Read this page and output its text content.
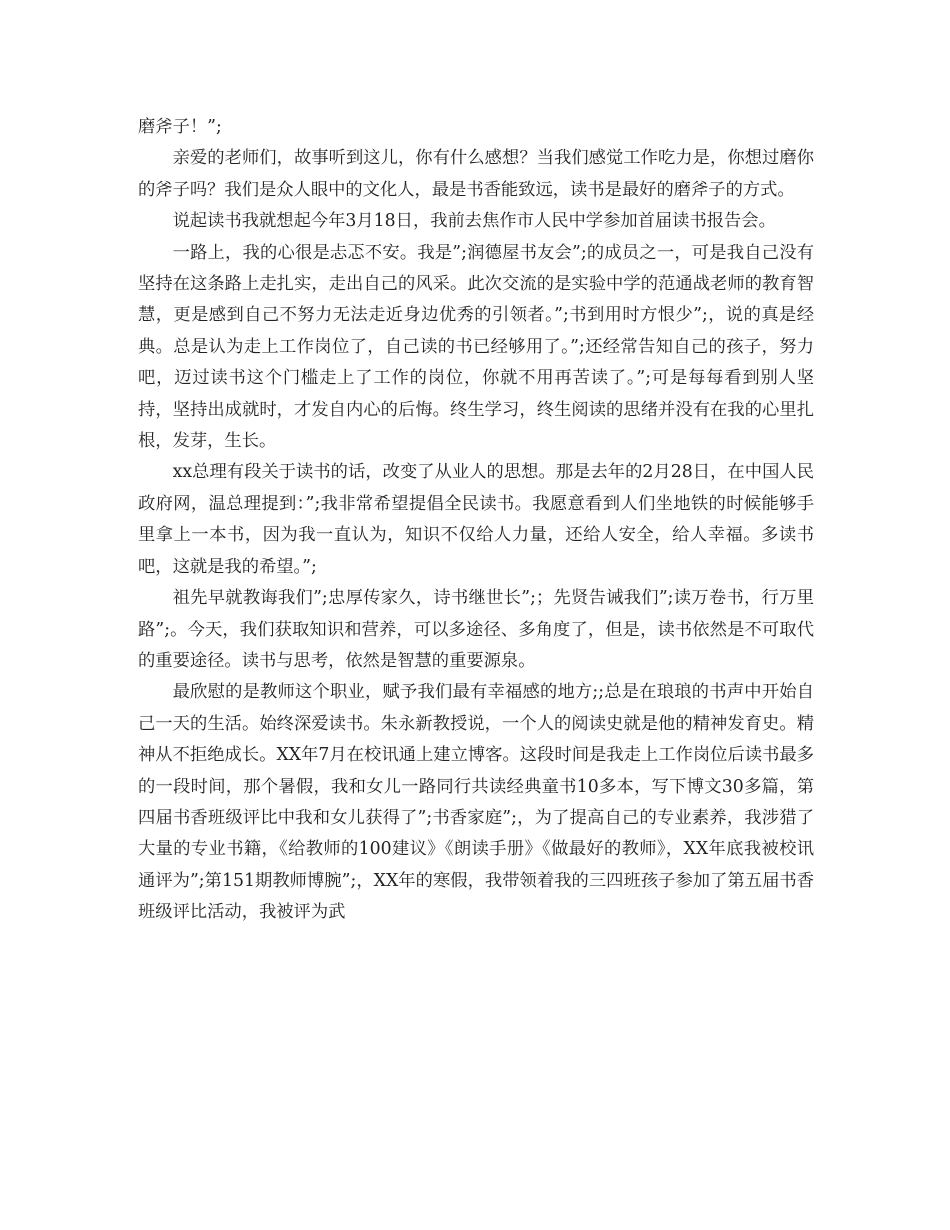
磨斧子！”;

亲爱的老师们，故事听到这儿，你有什么感想？当我们感觉工作吃力是，你想过磨你的斧子吗？我们是众人眼中的文化人，最是书香能致远，读书是最好的磨斧子的方式。

说起读书我就想起今年3月18日，我前去焦作市人民中学参加首届读书报告会。

一路上，我的心很是忐忑不安。我是”;润德屋书友会”;的成员之一，可是我自己没有坚持在这条路上走扎实，走出自己的风采。此次交流的是实验中学的范通战老师的教育智慧，更是感到自己不努力无法走近身边优秀的引领者。”;书到用时方恨少”;，说的真是经典。总是认为走上工作岗位了，自己读的书已经够用了。”;还经常告知自己的孩子，努力吧，迈过读书这个门槛走上了工作的岗位，你就不用再苦读了。”;可是每每看到别人坚持，坚持出成就时，才发自内心的后悔。终生学习，终生阅读的思绪并没有在我的心里扎根，发芽，生长。

xx总理有段关于读书的话，改变了从业人的思想。那是去年的2月28日，在中国人民政府网，温总理提到：”;我非常希望提倡全民读书。我愿意看到人们坐地铁的时候能够手里拿上一本书，因为我一直认为，知识不仅给人力量，还给人安全，给人幸福。多读书吧，这就是我的希望。”;

祖先早就教诲我们”;忠厚传家久，诗书继世长”;；先贤告诫我们”;读万卷书，行万里路”;。今天，我们获取知识和营养，可以多途径、多角度了，但是，读书依然是不可取代的重要途径。读书与思考，依然是智慧的重要源泉。

最欣慰的是教师这个职业，赋予我们最有幸福感的地方;;总是在琅琅的书声中开始自己一天的生活。始终深爱读书。朱永新教授说，一个人的阅读史就是他的精神发育史。精神从不拒绝成长。XX年7月在校讯通上建立博客。这段时间是我走上工作岗位后读书最多的一段时间，那个暑假，我和女儿一路同行共读经典童书10多本，写下博文30多篇，第四届书香班级评比中我和女儿获得了”;书香家庭”;，为了提高自己的专业素养，我涉猎了大量的专业书籍，《给教师的100建议》《朗读手册》《做最好的教师》，XX年底我被校讯通评为”;第151期教师博腕”;，XX年的寒假，我带领着我的三四班孩子参加了第五届书香班级评比活动，我被评为武
